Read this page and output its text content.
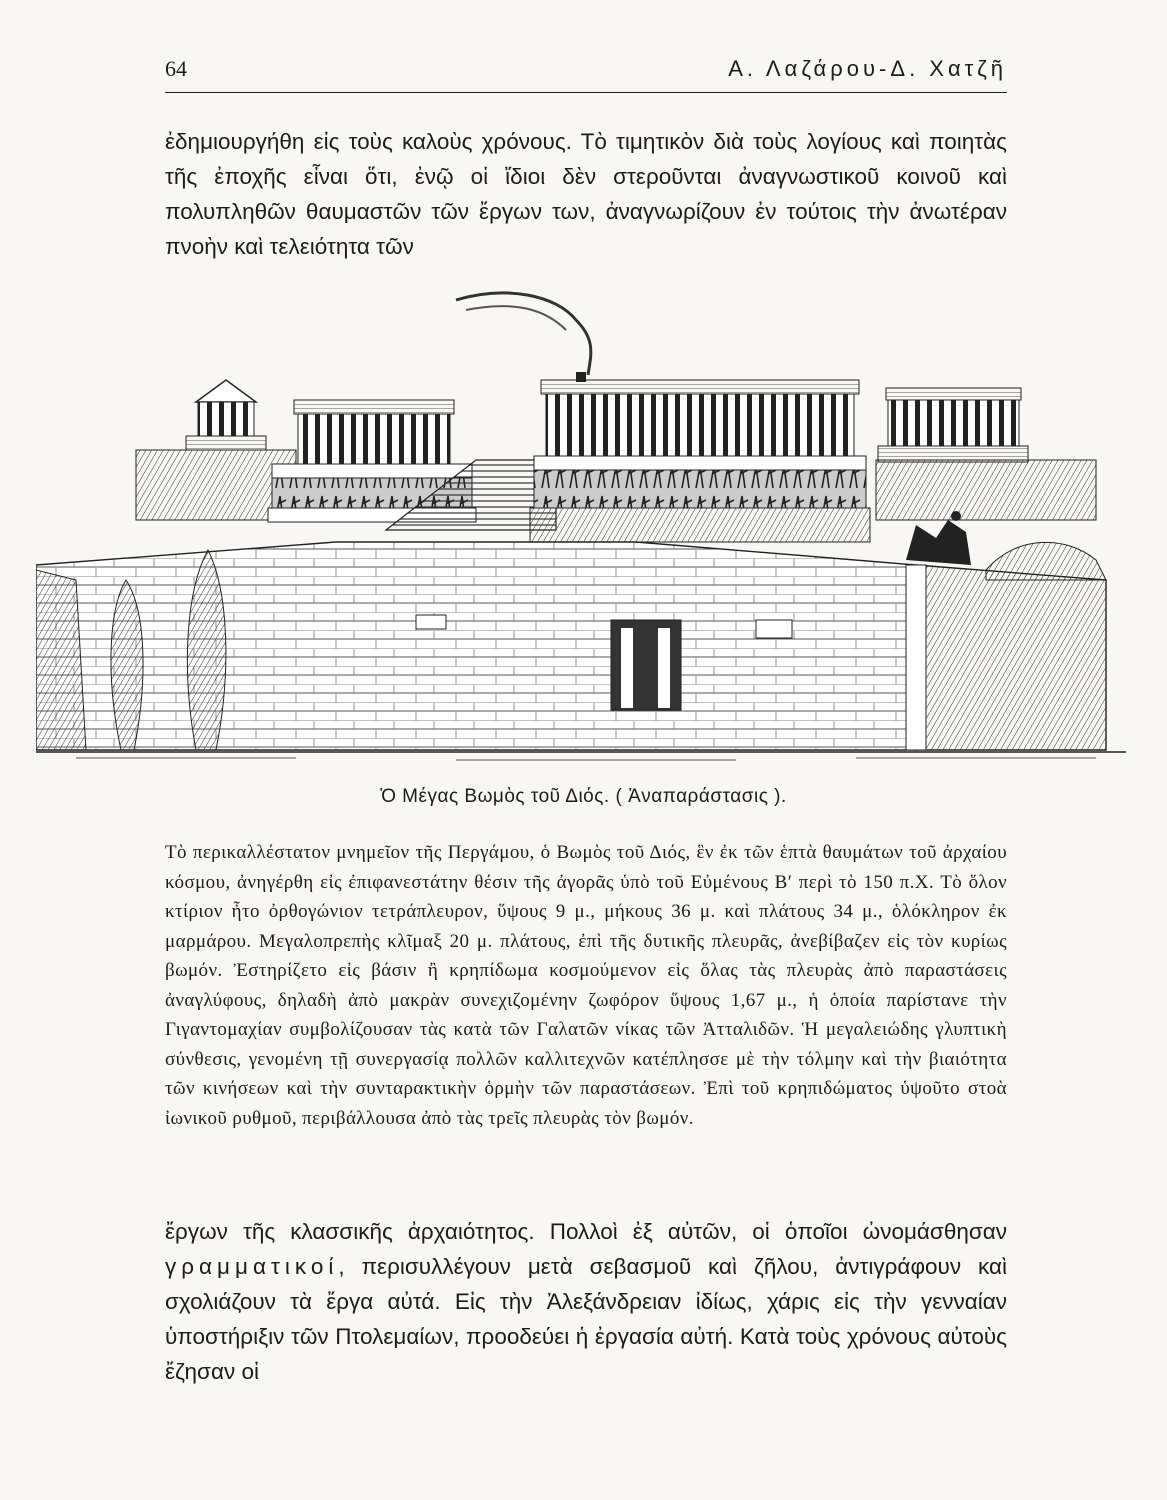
64	Α. Λαζάρου-Δ. Χατζῆ

ἐδημιουργήθη εἰς τοὺς καλοὺς χρόνους. Τὸ τιμητικὸν διὰ τοὺς λογίους καὶ ποιητὰς τῆς ἐποχῆς εἶναι ὅτι, ἐνῷ οἱ ἴδιοι δὲν στεροῦνται ἀναγνωστικοῦ κοινοῦ καὶ πολυπληθῶν θαυμαστῶν τῶν ἔργων των, ἀναγνωρίζουν ἐν τούτοις τὴν ἀνωτέραν πνοὴν καὶ τελειότητα τῶν

Ὁ Μέγας Βωμὸς τοῦ Διός. ( Ἀναπαράστασις ).

Τὸ περικαλλέστατον μνημεῖον τῆς Περγάμου, ὁ Βωμὸς τοῦ Διός, ἓν ἐκ τῶν ἑπτὰ θαυμάτων τοῦ ἀρχαίου κόσμου, ἀνηγέρθη εἰς ἐπιφανεστάτην θέσιν τῆς ἀγορᾶς ὑπὸ τοῦ Εὐμένους Β′ περὶ τὸ 150 π.Χ. Τὸ ὅλον κτίριον ἦτο ὀρθογώνιον τετράπλευρον, ὕψους 9 μ., μήκους 36 μ. καὶ πλάτους 34 μ., ὁλόκληρον ἐκ μαρμάρου. Μεγαλοπρεπὴς κλῖμαξ 20 μ. πλάτους, ἐπὶ τῆς δυτικῆς πλευρᾶς, ἀνεβίβαζεν εἰς τὸν κυρίως βωμόν. Ἐστηρίζετο εἰς βάσιν ἢ κρηπίδωμα κοσμούμενον εἰς ὅλας τὰς πλευρὰς ἀπὸ παραστάσεις ἀναγλύφους, δηλαδὴ ἀπὸ μακρὰν συνεχιζομένην ζωφόρον ὕψους 1,67 μ., ἡ ὁποία παρίστανε τὴν Γιγαντομαχίαν συμβολίζουσαν τὰς κατὰ τῶν Γαλατῶν νίκας τῶν Ἀτταλιδῶν. Ἡ μεγαλειώδης γλυπτικὴ σύνθεσις, γενομένη τῇ συνεργασίᾳ πολλῶν καλλιτεχνῶν κατέπλησσε μὲ τὴν τόλμην καὶ τὴν βιαιότητα τῶν κινήσεων καὶ τὴν συνταρακτικὴν ὁρμὴν τῶν παραστάσεων. Ἐπὶ τοῦ κρηπιδώματος ὑψοῦτο στοὰ ἰωνικοῦ ρυθμοῦ, περιβάλλουσα ἀπὸ τὰς τρεῖς πλευρὰς τὸν βωμόν.

ἔργων τῆς κλασσικῆς ἀρχαιότητος. Πολλοὶ ἐξ αὐτῶν, οἱ ὁποῖοι ὠνομάσθησαν γραμματικοί, περισυλλέγουν μετὰ σεβασμοῦ καὶ ζῆλου, ἀντιγράφουν καὶ σχολιάζουν τὰ ἔργα αὐτά. Εἰς τὴν Ἀλεξάνδρειαν ἰδίως, χάρις εἰς τὴν γενναίαν ὑποστήριξιν τῶν Πτολεμαίων, προοδεύει ἡ ἐργασία αὐτή. Κατὰ τοὺς χρόνους αὐτοὺς ἔζησαν οἱ
